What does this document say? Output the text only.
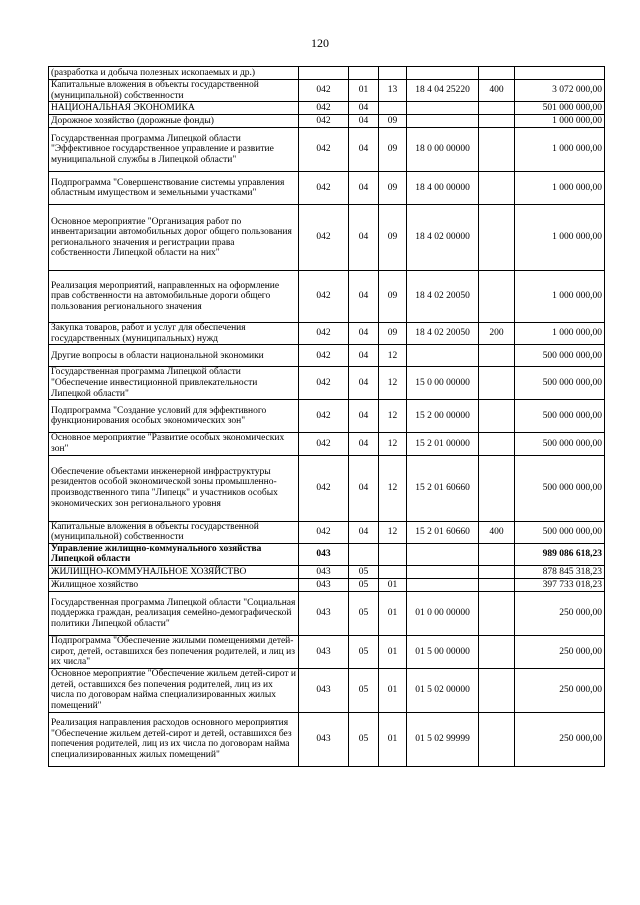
120
(разработка и добыча полезных ископаемых и др.)						
Капитальные вложения в объекты государственной (муниципальной) собственности	042	01	13	18 4 04 25220	400	3 072 000,00
НАЦИОНАЛЬНАЯ ЭКОНОМИКА	042	04				501 000 000,00
Дорожное хозяйство (дорожные фонды)	042	04	09			1 000 000,00
Государственная программа Липецкой области "Эффективное государственное управление и развитие муниципальной службы в Липецкой области"	042	04	09	18 0 00 00000		1 000 000,00
Подпрограмма "Совершенствование системы управления областным имуществом и земельными участками"	042	04	09	18 4 00 00000		1 000 000,00
Основное мероприятие "Организация работ по инвентаризации автомобильных дорог общего пользования регионального значения и регистрации права собственности Липецкой области на них"	042	04	09	18 4 02 00000		1 000 000,00
Реализация мероприятий, направленных на оформление прав собственности на автомобильные дороги общего пользования регионального значения	042	04	09	18 4 02 20050		1 000 000,00
Закупка товаров, работ и услуг для обеспечения государственных (муниципальных) нужд	042	04	09	18 4 02 20050	200	1 000 000,00
Другие вопросы в области национальной экономики	042	04	12			500 000 000,00
Государственная программа Липецкой области "Обеспечение инвестиционной привлекательности Липецкой области"	042	04	12	15 0 00 00000		500 000 000,00
Подпрограмма "Создание условий для эффективного функционирования особых экономических зон"	042	04	12	15 2 00 00000		500 000 000,00
Основное мероприятие "Развитие особых экономических зон"	042	04	12	15 2 01 00000		500 000 000,00
Обеспечение объектами инженерной инфраструктуры резидентов особой экономической зоны промышленно-производственного типа "Липецк" и участников особых экономических зон регионального уровня	042	04	12	15 2 01 60660		500 000 000,00
Капитальные вложения в объекты государственной (муниципальной) собственности	042	04	12	15 2 01 60660	400	500 000 000,00
Управление жилищно-коммунального хозяйства Липецкой области	043					989 086 618,23
ЖИЛИЩНО-КОММУНАЛЬНОЕ ХОЗЯЙСТВО	043	05				878 845 318,23
Жилищное хозяйство	043	05	01			397 733 018,23
Государственная программа Липецкой области "Социальная поддержка граждан, реализация семейно-демографической политики Липецкой области"	043	05	01	01 0 00 00000		250 000,00
Подпрограмма "Обеспечение жилыми помещениями детей-сирот, детей, оставшихся без попечения родителей, и лиц из их числа"	043	05	01	01 5 00 00000		250 000,00
Основное мероприятие "Обеспечение жильем детей-сирот и детей, оставшихся без попечения родителей, лиц из их числа по договорам найма специализированных жилых помещений"	043	05	01	01 5 02 00000		250 000,00
Реализация направления расходов основного мероприятия "Обеспечение жильем детей-сирот и детей, оставшихся без попечения родителей, лиц из их числа по договорам найма специализированных жилых помещений"	043	05	01	01 5 02 99999		250 000,00
